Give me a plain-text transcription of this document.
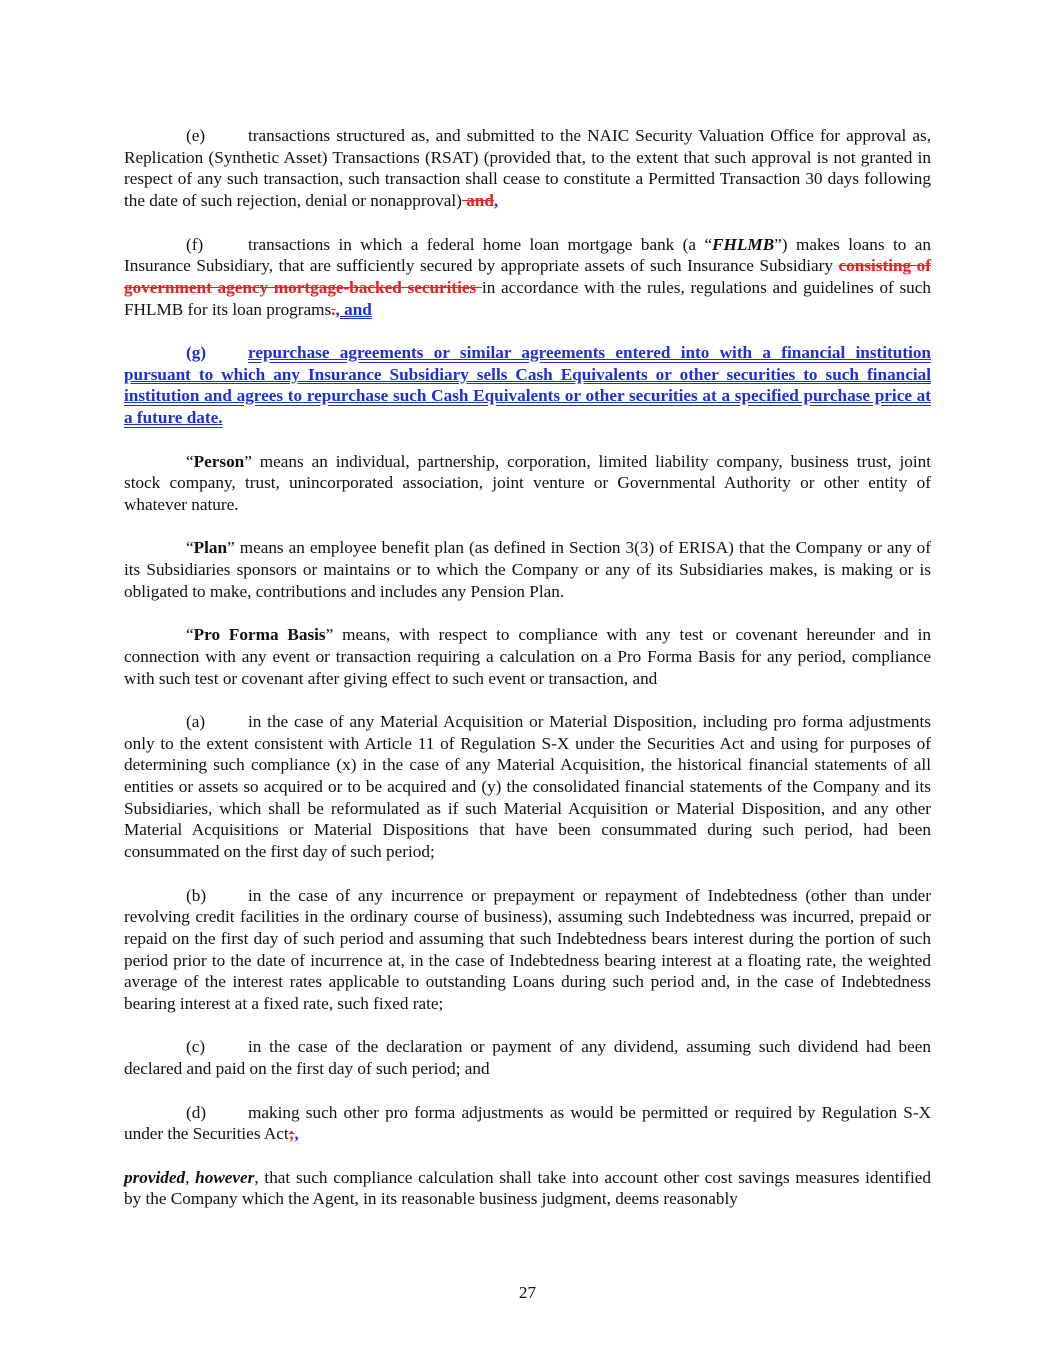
(e) transactions structured as, and submitted to the NAIC Security Valuation Office for approval as, Replication (Synthetic Asset) Transactions (RSAT) (provided that, to the extent that such approval is not granted in respect of any such transaction, such transaction shall cease to constitute a Permitted Transaction 30 days following the date of such rejection, denial or nonapproval) and,

(f)	transactions in which a federal home loan mortgage bank (a “FHLMB”) makes loans to an Insurance Subsidiary, that are sufficiently secured by appropriate assets of such Insurance Subsidiary consisting of government agency mortgage-backed securities in accordance with the rules, regulations and guidelines of such FHLMB for its loan programs., and

(g) repurchase agreements or similar agreements entered into with a financial institution pursuant to which any Insurance Subsidiary sells Cash Equivalents or other securities to such financial institution and agrees to repurchase such Cash Equivalents or other securities at a specified purchase price at a future date.

“Person” means an individual, partnership, corporation, limited liability company, business trust, joint stock company, trust, unincorporated association, joint venture or Governmental Authority or other entity of whatever nature.

“Plan” means an employee benefit plan (as defined in Section 3(3) of ERISA) that the Company or any of its Subsidiaries sponsors or maintains or to which the Company or any of its Subsidiaries makes, is making or is obligated to make, contributions and includes any Pension Plan.

“Pro Forma Basis” means, with respect to compliance with any test or covenant hereunder and in connection with any event or transaction requiring a calculation on a Pro Forma Basis for any period, compliance with such test or covenant after giving effect to such event or transaction, and

(a) in the case of any Material Acquisition or Material Disposition, including pro forma adjustments only to the extent consistent with Article 11 of Regulation S-X under the Securities Act and using for purposes of determining such compliance (x) in the case of any Material Acquisition, the historical financial statements of all entities or assets so acquired or to be acquired and (y) the consolidated financial statements of the Company and its Subsidiaries, which shall be reformulated as if such Material Acquisition or Material Disposition, and any other Material Acquisitions or Material Dispositions that have been consummated during such period, had been consummated on the first day of such period;

(b) in the case of any incurrence or prepayment or repayment of Indebtedness (other than under revolving credit facilities in the ordinary course of business), assuming such Indebtedness was incurred, prepaid or repaid on the first day of such period and assuming that such Indebtedness bears interest during the portion of such period prior to the date of incurrence at, in the case of Indebtedness bearing interest at a floating rate, the weighted average of the interest rates applicable to outstanding Loans during such period and, in the case of Indebtedness bearing interest at a fixed rate, such fixed rate;

(c) in the case of the declaration or payment of any dividend, assuming such dividend had been declared and paid on the first day of such period; and

(d) making such other pro forma adjustments as would be permitted or required by Regulation S-X under the Securities Act;,

provided, however, that such compliance calculation shall take into account other cost savings measures identified by the Company which the Agent, in its reasonable business judgment, deems reasonably

27
